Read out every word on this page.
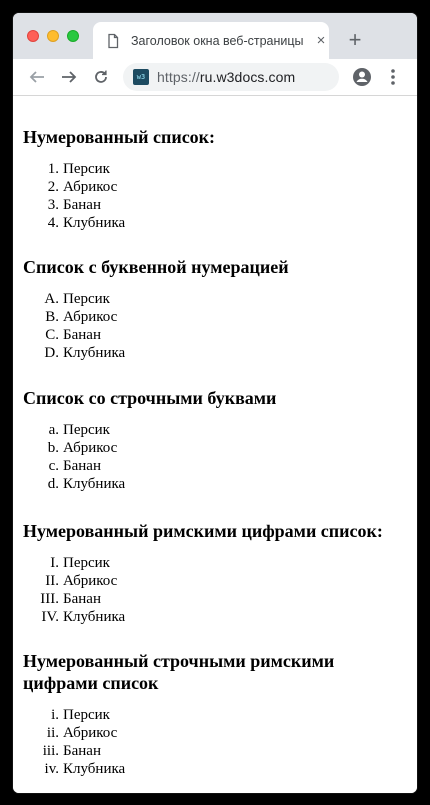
Заголовок окна веб-страницы ×	+
w3 https://ru.w3docs.com
Нумерованный список:
1. Персик
2. Абрикос
3. Банан
4. Клубника
Список с буквенной нумерацией
A. Персик
B. Абрикос
C. Банан
D. Клубника
Список со строчными буквами
a. Персик
b. Абрикос
c. Банан
d. Клубника
Нумерованный римскими цифрами список:
I. Персик
II. Абрикос
III. Банан
IV. Клубника
Нумерованный строчными римскими цифрами список
i. Персик
ii. Абрикос
iii. Банан
iv. Клубника
